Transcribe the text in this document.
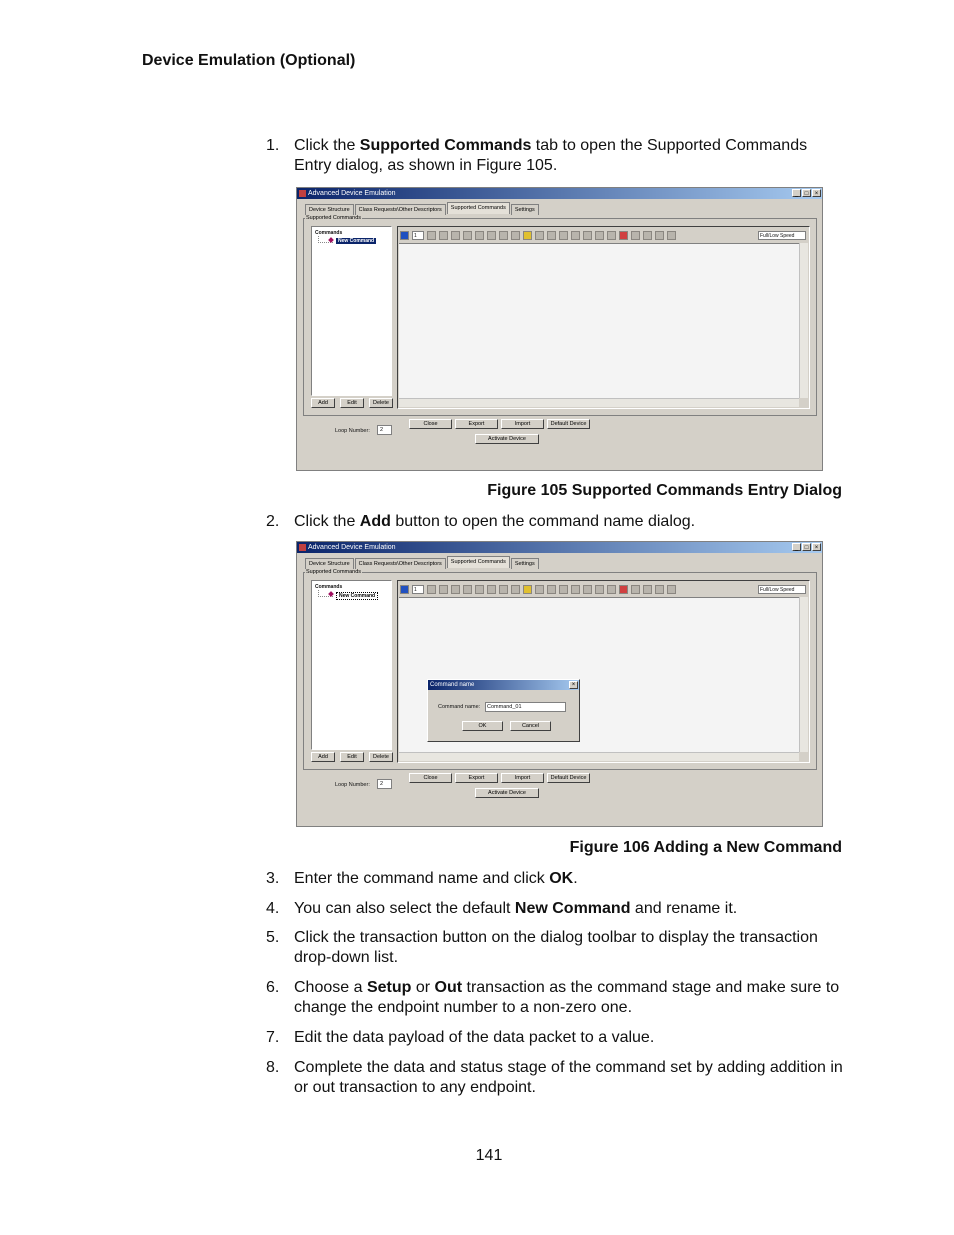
Device Emulation (Optional)
1. Click the Supported Commands tab to open the Supported Commands Entry dialog, as shown in Figure 105.
Advanced Device Emulation	_	□	×
Device Structure	Class Requests\Other Descriptors	Supported Commands	Settings
Supported Commands
Commands
New Command
Add	Edit	Delete
1	Full/Low Speed
Loop Number:	2
Close	Export	Import	Default Device
Activate Device
Figure 105 Supported Commands Entry Dialog
2. Click the Add button to open the command name dialog.
Advanced Device Emulation	_	□	×
Device Structure	Class Requests\Other Descriptors	Supported Commands	Settings
Supported Commands
Commands
New Command
Add	Edit	Delete
1	Full/Low Speed
Loop Number:	2
Close	Export	Import	Default Device
Activate Device
Command name	×
Command name:	Command_01
OK	Cancel
Figure 106 Adding a New Command
3. Enter the command name and click OK.
4. You can also select the default New Command and rename it.
5. Click the transaction button on the dialog toolbar to display the transaction drop-down list.
6. Choose a Setup or Out transaction as the command stage and make sure to change the endpoint number to a non-zero one.
7. Edit the data payload of the data packet to a value.
8. Complete the data and status stage of the command set by adding addition in or out transaction to any endpoint.
141
